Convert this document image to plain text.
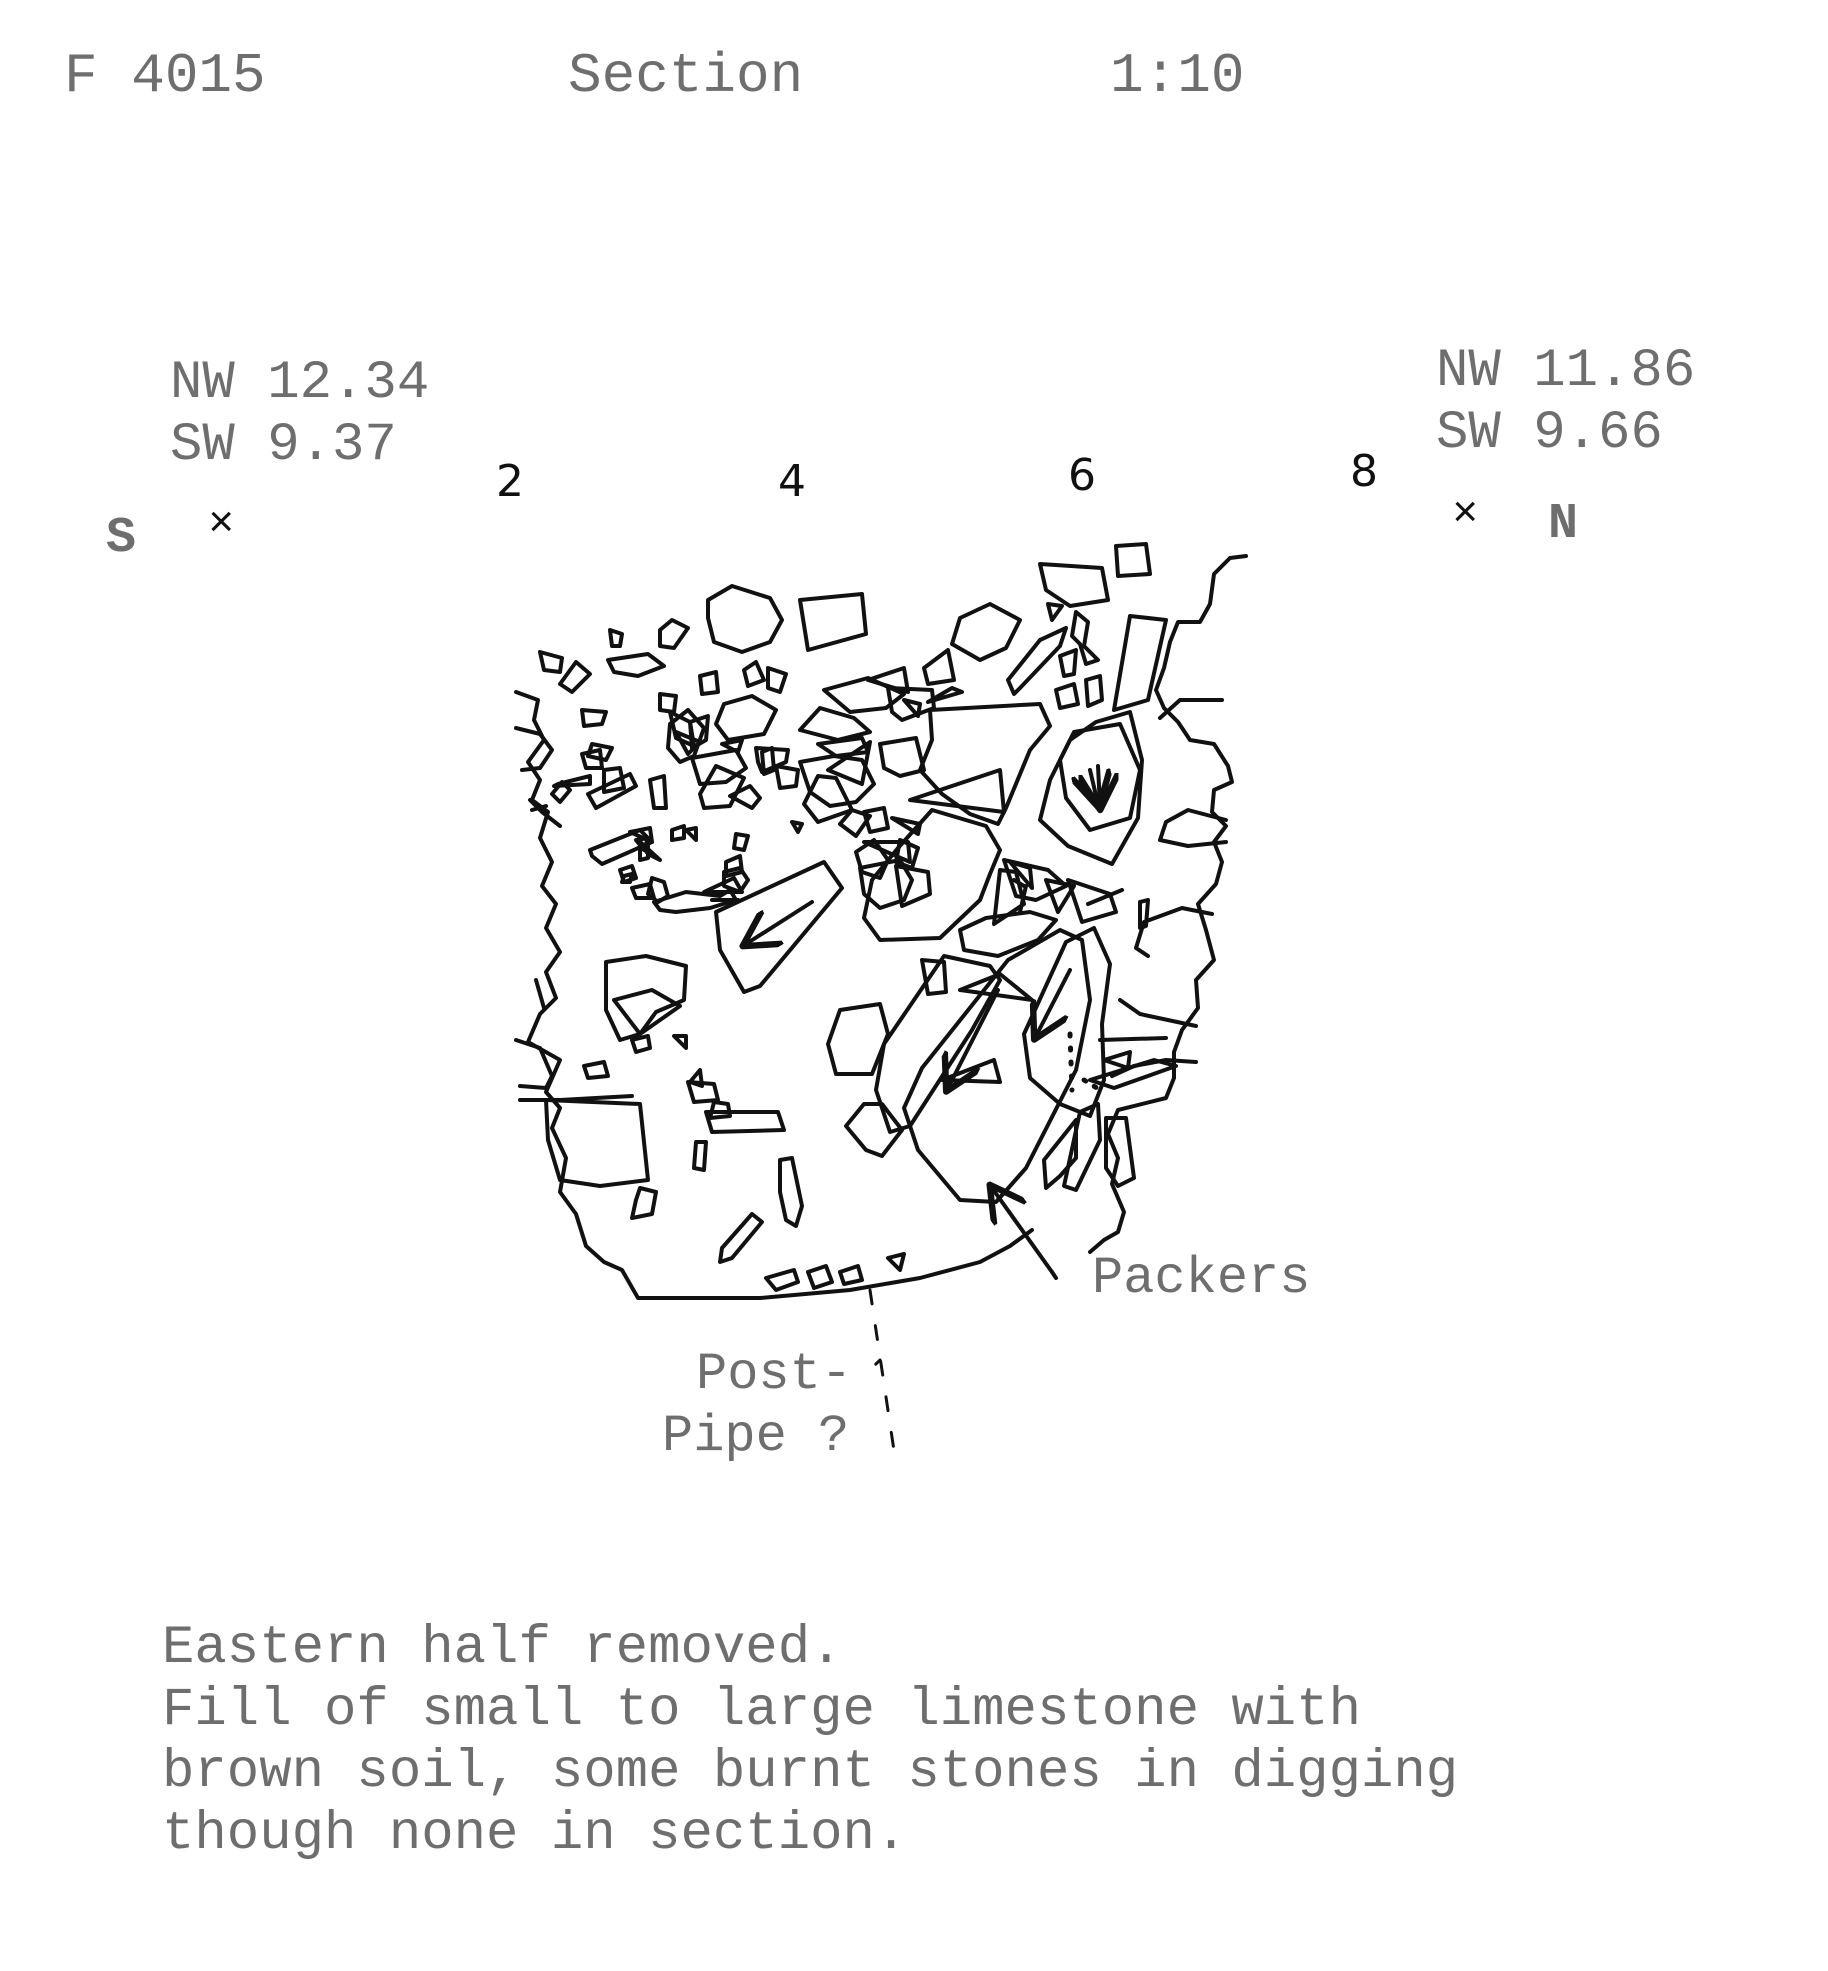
F 4015	Section	1:10

NW 12.34

SW 9.37

NW 11.86

SW 9.66

S ×

2	4	6	8

× N

Packers

Post-

Pipe ?

Eastern half removed.

Fill of small to large limestone with

brown soil, some burnt stones in digging

though none in section.
